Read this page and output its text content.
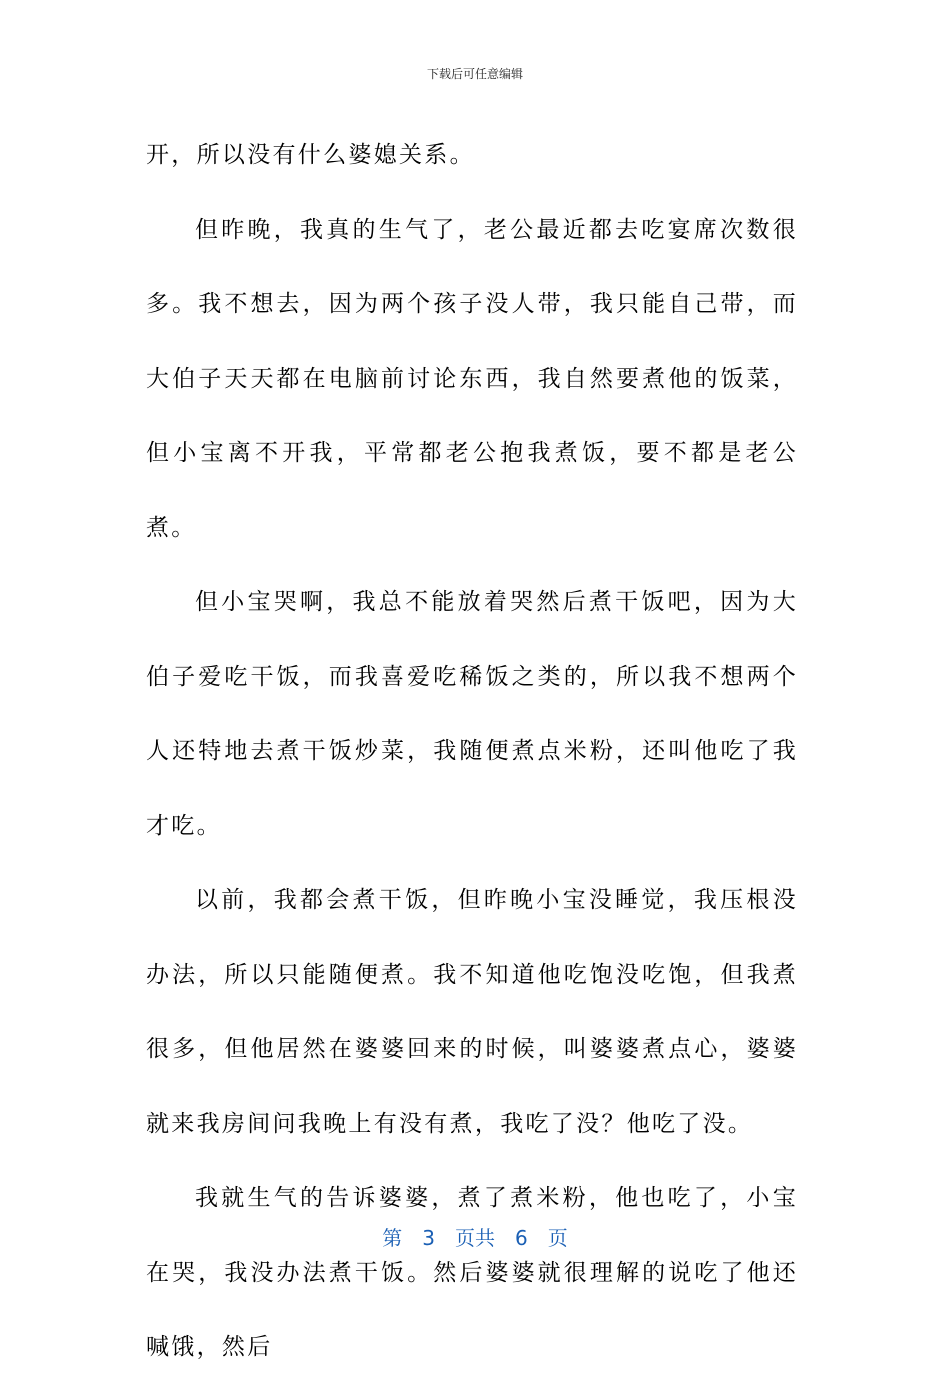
下载后可任意编辑

开，所以没有什么婆媳关系。

但昨晚，我真的生气了，老公最近都去吃宴席次数很多。我不想去，因为两个孩子没人带，我只能自己带，而大伯子天天都在电脑前讨论东西，我自然要煮他的饭菜，但小宝离不开我，平常都老公抱我煮饭，要不都是老公煮。

但小宝哭啊，我总不能放着哭然后煮干饭吧，因为大伯子爱吃干饭，而我喜爱吃稀饭之类的，所以我不想两个人还特地去煮干饭炒菜，我随便煮点米粉，还叫他吃了我才吃。

以前，我都会煮干饭，但昨晚小宝没睡觉，我压根没办法，所以只能随便煮。我不知道他吃饱没吃饱，但我煮很多，但他居然在婆婆回来的时候，叫婆婆煮点心，婆婆就来我房间问我晚上有没有煮，我吃了没？他吃了没。

我就生气的告诉婆婆，煮了煮米粉，他也吃了，小宝在哭，我没办法煮干饭。然后婆婆就很理解的说吃了他还喊饿，然后

第　3　页共　6　页
